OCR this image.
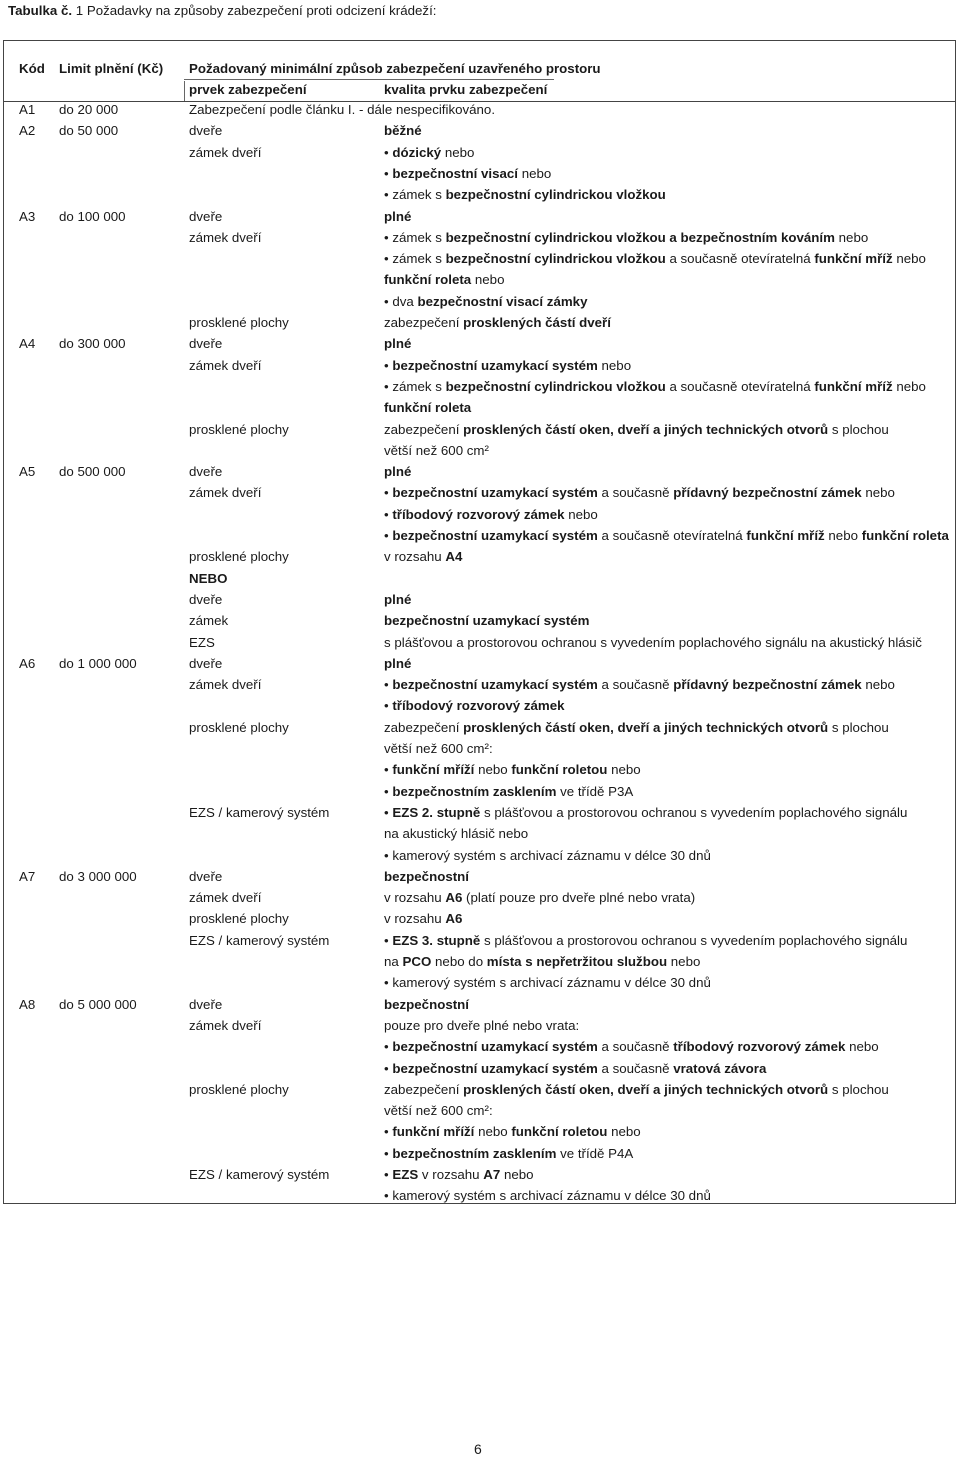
Tabulka č. 1 Požadavky na způsoby zabezpečení proti odcizení krádeží:
Kód Limit plnění (Kč) Požadovaný minimální způsob zabezpečení uzavřeného prostoru
prvek zabezpečení	kvalita prvku zabezpečení
A1 do 20 000	Zabezpečení podle článku I. - dále nespecifikováno.
A2 do 50 000	dveře	běžné
zámek dveří	• dózický nebo
• bezpečnostní visací nebo
• zámek s bezpečnostní cylindrickou vložkou
A3 do 100 000	dveře	plné
zámek dveří	• zámek s bezpečnostní cylindrickou vložkou a bezpečnostním kováním nebo
• zámek s bezpečnostní cylindrickou vložkou a současně otevíratelná funkční mříž nebo
funkční roleta nebo
• dva bezpečnostní visací zámky
prosklené plochy	zabezpečení prosklených částí dveří
A4 do 300 000	dveře	plné
zámek dveří	• bezpečnostní uzamykací systém nebo
• zámek s bezpečnostní cylindrickou vložkou a současně otevíratelná funkční mříž nebo
funkční roleta
prosklené plochy	zabezpečení prosklených částí oken, dveří a jiných technických otvorů s plochou
větší než 600 cm²
A5 do 500 000	dveře	plné
zámek dveří	• bezpečnostní uzamykací systém a současně přídavný bezpečnostní zámek nebo
• tříbodový rozvorový zámek nebo
• bezpečnostní uzamykací systém a současně otevíratelná funkční mříž nebo funkční roleta
prosklené plochy	v rozsahu A4
NEBO
dveře	plné
zámek	bezpečnostní uzamykací systém
EZS	s plášťovou a prostorovou ochranou s vyvedením poplachového signálu na akustický hlásič
A6 do 1 000 000	dveře	plné
zámek dveří	• bezpečnostní uzamykací systém a současně přídavný bezpečnostní zámek nebo
• tříbodový rozvorový zámek
prosklené plochy	zabezpečení prosklených částí oken, dveří a jiných technických otvorů s plochou
větší než 600 cm²:
• funkční mříží nebo funkční roletou nebo
• bezpečnostním zasklením ve třídě P3A
EZS / kamerový systém	• EZS 2. stupně s plášťovou a prostorovou ochranou s vyvedením poplachového signálu
na akustický hlásič nebo
• kamerový systém s archivací záznamu v délce 30 dnů
A7 do 3 000 000	dveře	bezpečnostní
zámek dveří	v rozsahu A6 (platí pouze pro dveře plné nebo vrata)
prosklené plochy	v rozsahu A6
EZS / kamerový systém	• EZS 3. stupně s plášťovou a prostorovou ochranou s vyvedením poplachového signálu
na PCO nebo do místa s nepřetržitou službou nebo
• kamerový systém s archivací záznamu v délce 30 dnů
A8 do 5 000 000	dveře	bezpečnostní
zámek dveří	pouze pro dveře plné nebo vrata:
• bezpečnostní uzamykací systém a současně tříbodový rozvorový zámek nebo
• bezpečnostní uzamykací systém a současně vratová závora
prosklené plochy	zabezpečení prosklených částí oken, dveří a jiných technických otvorů s plochou
větší než 600 cm²:
• funkční mříží nebo funkční roletou nebo
• bezpečnostním zasklením ve třídě P4A
EZS / kamerový systém	• EZS v rozsahu A7 nebo
• kamerový systém s archivací záznamu v délce 30 dnů
6
